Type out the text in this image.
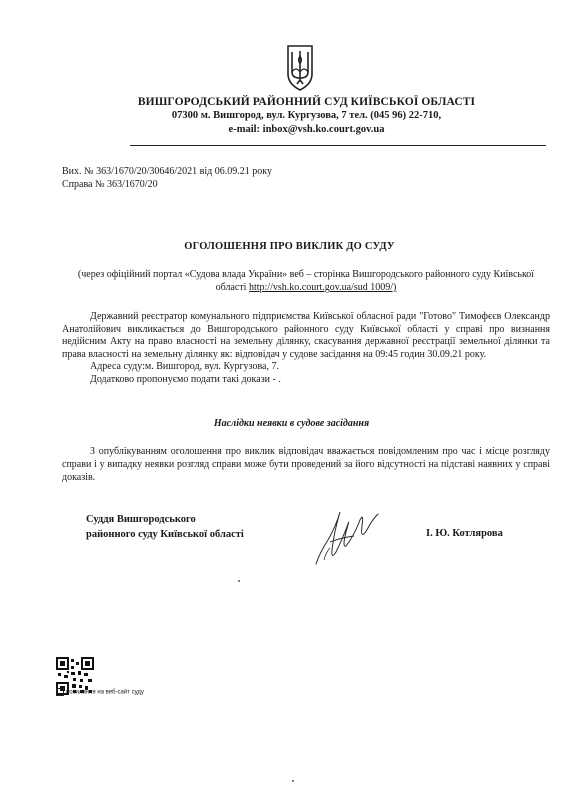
ВИШГОРОДСЬКИЙ РАЙОННИЙ СУД КИЇВСЬКОЇ ОБЛАСТІ
07300 м. Вишгород, вул. Кургузова, 7 тел. (045 96) 22-710,
e-mail: inbox@vsh.ko.court.gov.ua
Вих. № 363/1670/20/30646/2021 від 06.09.21 року
Справа № 363/1670/20
ОГОЛОШЕННЯ ПРО ВИКЛИК ДО СУДУ
(через офіційний портал «Судова влада України» веб – сторінка Вишгородського районного суду Київської області http://vsh.ko.court.gov.ua/sud 1009/)

Державний реєстратор комунального підприємства Київської обласної ради "Готово" Тимофєєв Олександр Анатолійович викликається до Вишгородського районного суду Київської області у справі про визнання недійсним Акту на право власності на земельну ділянку, скасування державної реєстрації земельної ділянки та права власності на земельну ділянку як: відповідач у судове засідання на 09:45 годин 30.09.21 року.

Адреса суду:м. Вишгород, вул. Кургузова, 7.

Додатково пропонуємо подати такі докази - .

Наслідки неявки в судове засідання

З опублікуванням оголошення про виклик відповідач вважається повідомленим про час і місце розгляду справи і у випадку неявки розгляд справи може бути проведений за його відсутності на підставі наявних у справі доказів.

Суддя Вишгородського
районного суду Київської області	І. Ю. Котлярова
посилання на веб-сайт суду
